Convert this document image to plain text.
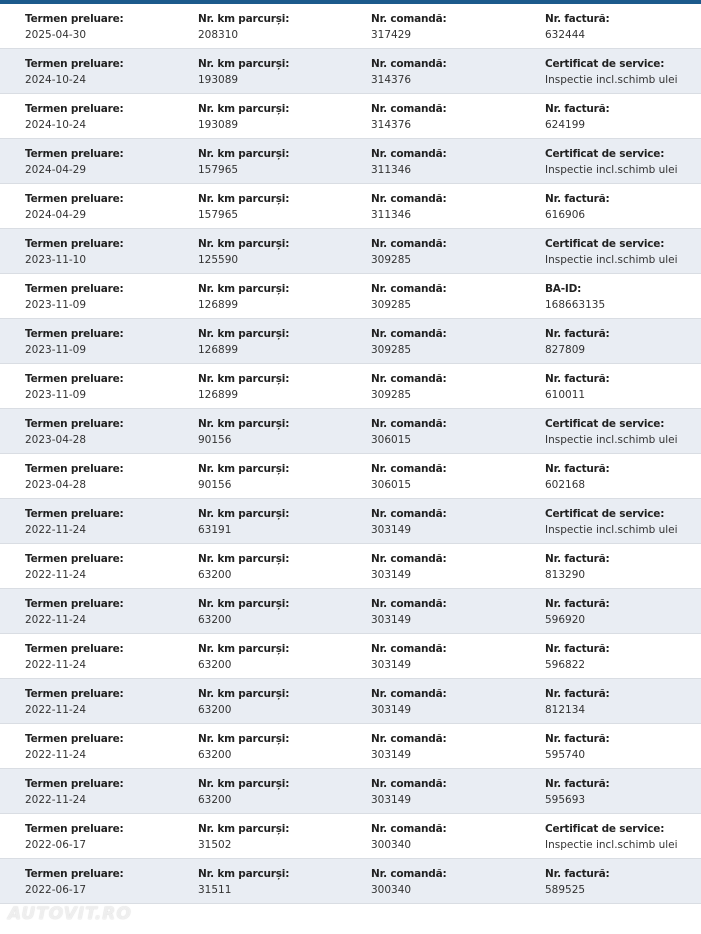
Termen preluare:
2025-04-30
Nr. km parcurși:
208310
Nr. comandă:
317429
Nr. factură:
632444
Termen preluare:
2024-10-24
Nr. km parcurși:
193089
Nr. comandă:
314376
Certificat de service:
Inspectie incl.schimb ulei
Termen preluare:
2024-10-24
Nr. km parcurși:
193089
Nr. comandă:
314376
Nr. factură:
624199
Termen preluare:
2024-04-29
Nr. km parcurși:
157965
Nr. comandă:
311346
Certificat de service:
Inspectie incl.schimb ulei
Termen preluare:
2024-04-29
Nr. km parcurși:
157965
Nr. comandă:
311346
Nr. factură:
616906
Termen preluare:
2023-11-10
Nr. km parcurși:
125590
Nr. comandă:
309285
Certificat de service:
Inspectie incl.schimb ulei
Termen preluare:
2023-11-09
Nr. km parcurși:
126899
Nr. comandă:
309285
BA-ID:
168663135
Termen preluare:
2023-11-09
Nr. km parcurși:
126899
Nr. comandă:
309285
Nr. factură:
827809
Termen preluare:
2023-11-09
Nr. km parcurși:
126899
Nr. comandă:
309285
Nr. factură:
610011
Termen preluare:
2023-04-28
Nr. km parcurși:
90156
Nr. comandă:
306015
Certificat de service:
Inspectie incl.schimb ulei
Termen preluare:
2023-04-28
Nr. km parcurși:
90156
Nr. comandă:
306015
Nr. factură:
602168
Termen preluare:
2022-11-24
Nr. km parcurși:
63191
Nr. comandă:
303149
Certificat de service:
Inspectie incl.schimb ulei
Termen preluare:
2022-11-24
Nr. km parcurși:
63200
Nr. comandă:
303149
Nr. factură:
813290
Termen preluare:
2022-11-24
Nr. km parcurși:
63200
Nr. comandă:
303149
Nr. factură:
596920
Termen preluare:
2022-11-24
Nr. km parcurși:
63200
Nr. comandă:
303149
Nr. factură:
596822
Termen preluare:
2022-11-24
Nr. km parcurși:
63200
Nr. comandă:
303149
Nr. factură:
812134
Termen preluare:
2022-11-24
Nr. km parcurși:
63200
Nr. comandă:
303149
Nr. factură:
595740
Termen preluare:
2022-11-24
Nr. km parcurși:
63200
Nr. comandă:
303149
Nr. factură:
595693
Termen preluare:
2022-06-17
Nr. km parcurși:
31502
Nr. comandă:
300340
Certificat de service:
Inspectie incl.schimb ulei
Termen preluare:
2022-06-17
Nr. km parcurși:
31511
Nr. comandă:
300340
Nr. factură:
589525
AUTOVIT.RO
